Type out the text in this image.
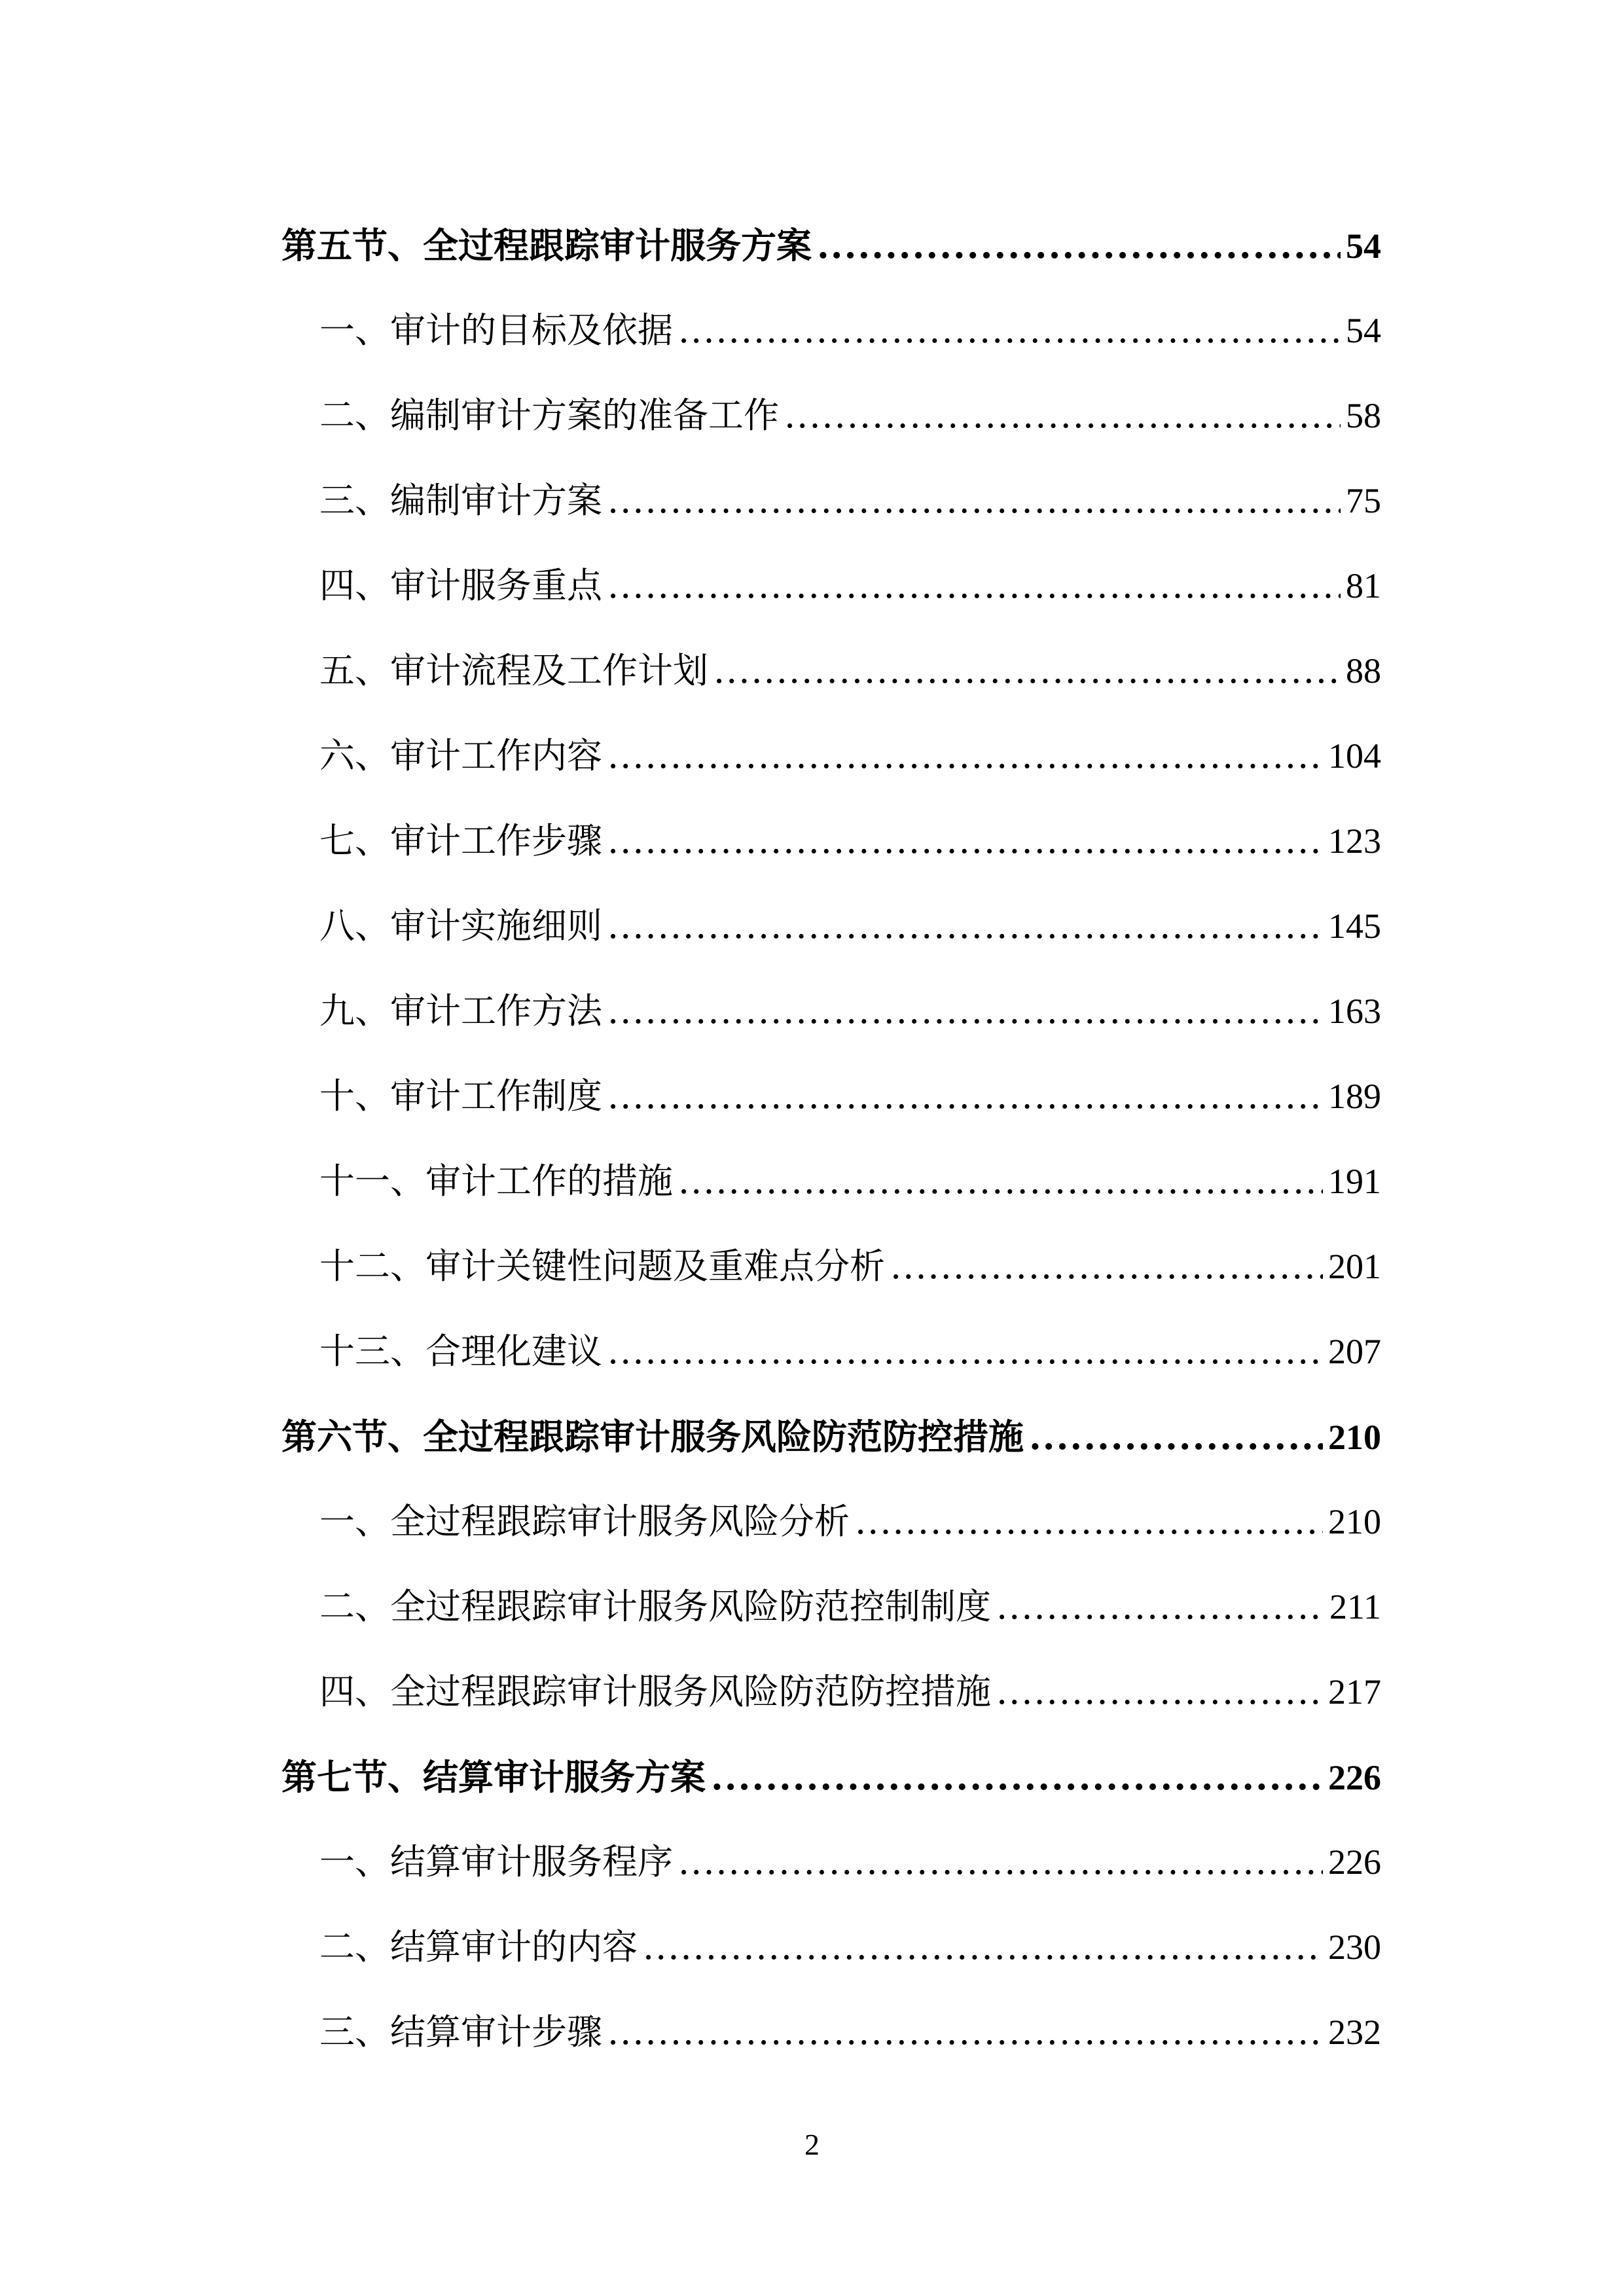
第五节、全过程跟踪审计服务方案 .....	54
一、审计的目标及依据 .....	54
二、编制审计方案的准备工作 .....	58
三、编制审计方案 .....	75
四、审计服务重点 .....	81
五、审计流程及工作计划 .....	88
六、审计工作内容 .....	104
七、审计工作步骤 .....	123
八、审计实施细则 .....	145
九、审计工作方法 .....	163
十、审计工作制度 .....	189
十一、审计工作的措施 .....	191
十二、审计关键性问题及重难点分析 .....	201
十三、合理化建议 .....	207
第六节、全过程跟踪审计服务风险防范防控措施 .....	210
一、全过程跟踪审计服务风险分析 .....	210
二、全过程跟踪审计服务风险防范控制制度 .....	211
四、全过程跟踪审计服务风险防范防控措施 .....	217
第七节、结算审计服务方案 .....	226
一、结算审计服务程序 .....	226
二、结算审计的内容 .....	230
三、结算审计步骤 .....	232
2
